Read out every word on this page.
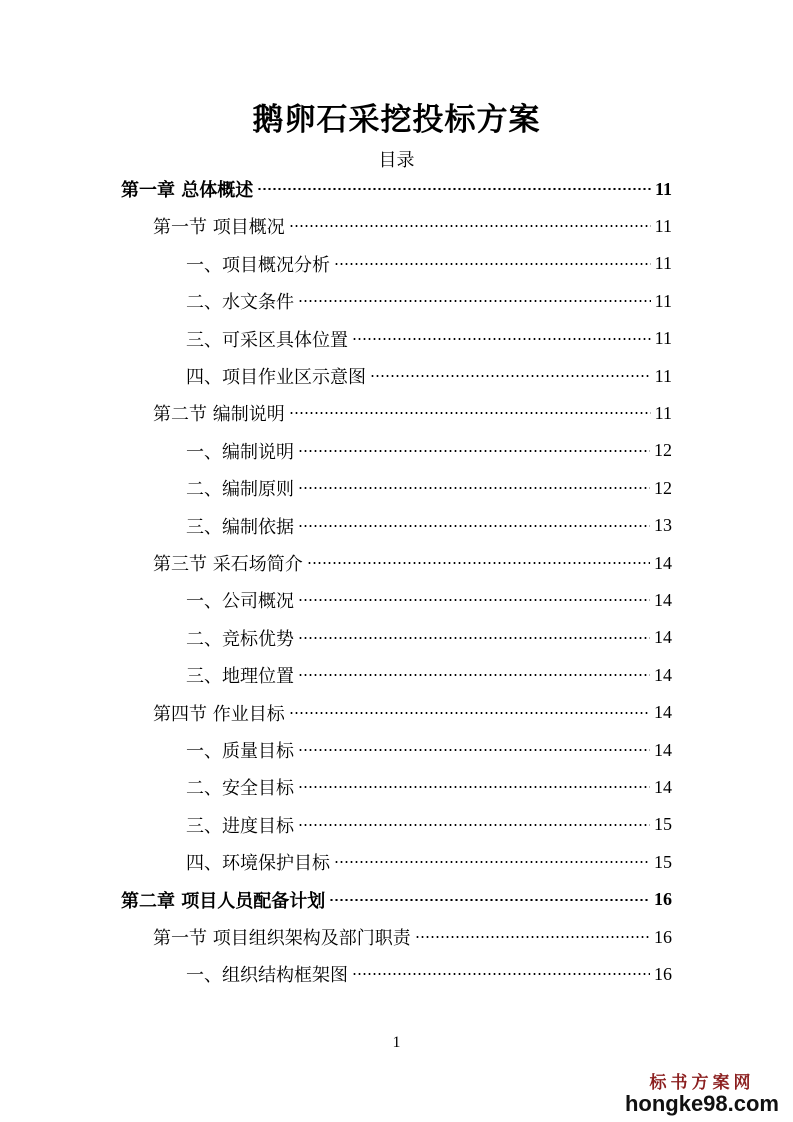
鹅卵石采挖投标方案

目录

第一章 总体概述	11
第一节 项目概况	11
一、项目概况分析	11
二、水文条件	11
三、可采区具体位置	11
四、项目作业区示意图	11
第二节 编制说明	11
一、编制说明	12
二、编制原则	12
三、编制依据	13
第三节 采石场简介	14
一、公司概况	14
二、竞标优势	14
三、地理位置	14
第四节 作业目标	14
一、质量目标	14
二、安全目标	14
三、进度目标	15
四、环境保护目标	15
第二章 项目人员配备计划	16
第一节 项目组织架构及部门职责	16
一、组织结构框架图	16
1
标书方案网
hongke98.com
